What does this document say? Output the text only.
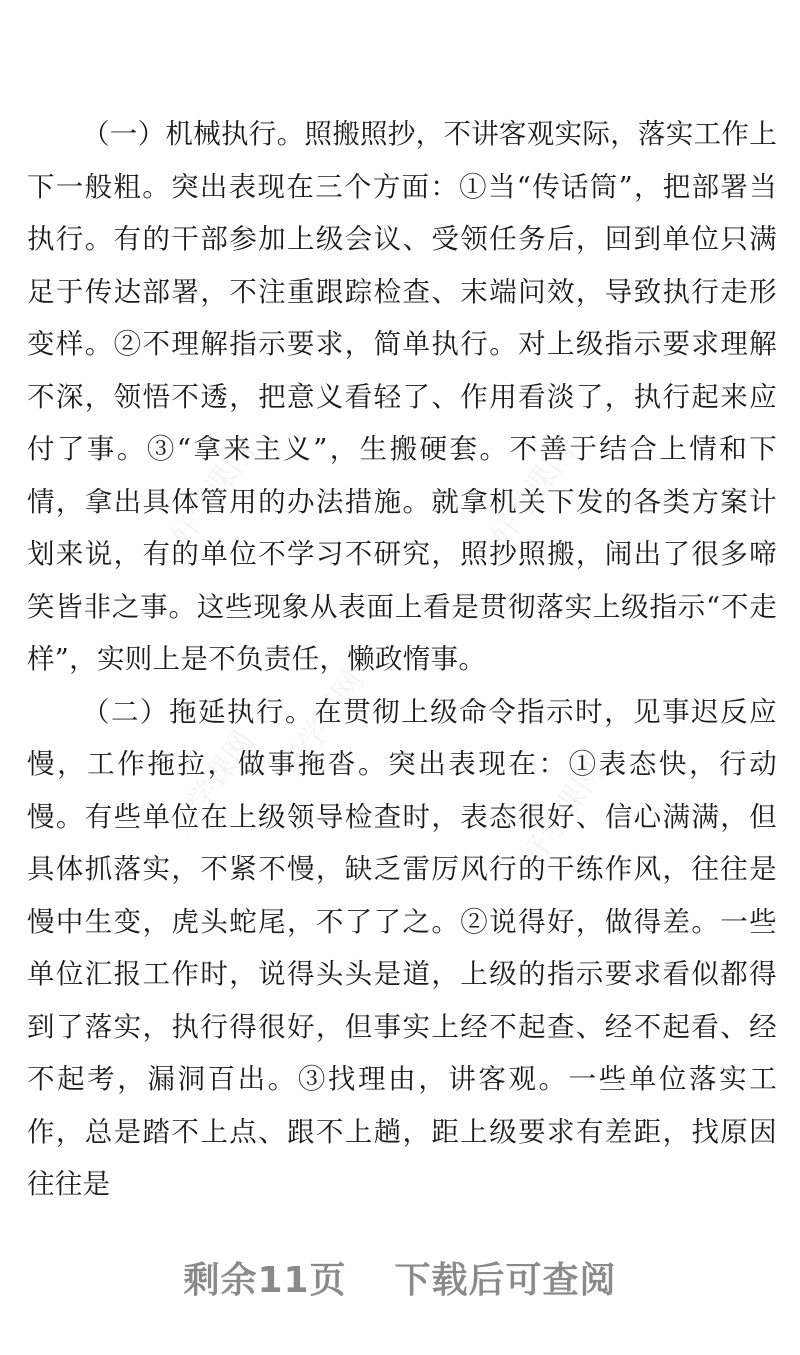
（一）机械执行。照搬照抄，不讲客观实际，落实工作上下一般粗。突出表现在三个方面：①当“传话筒”，把部署当执行。有的干部参加上级会议、受领任务后，回到单位只满足于传达部署，不注重跟踪检查、末端问效，导致执行走形变样。②不理解指示要求，简单执行。对上级指示要求理解不深，领悟不透，把意义看轻了、作用看淡了，执行起来应付了事。③“拿来主义”，生搬硬套。不善于结合上情和下情，拿出具体管用的办法措施。就拿机关下发的各类方案计划来说，有的单位不学习不研究，照抄照搬，闹出了很多啼笑皆非之事。这些现象从表面上看是贯彻落实上级指示“不走样”，实则上是不负责任，懒政惰事。

（二）拖延执行。在贯彻上级命令指示时，见事迟反应慢，工作拖拉，做事拖沓。突出表现在：①表态快，行动慢。有些单位在上级领导检查时，表态很好、信心满满，但具体抓落实，不紧不慢，缺乏雷厉风行的干练作风，往往是慢中生变，虎头蛇尾，不了了之。②说得好，做得差。一些单位汇报工作时，说得头头是道，上级的指示要求看似都得到了落实，执行得很好，但事实上经不起查、经不起看、经不起考，漏洞百出。③找理由，讲客观。一些单位落实工作，总是踏不上点、跟不上趟，距上级要求有差距，找原因往往是

好学课网	好学课网
好学课网
好学课网	好学课网
剩余11页 下载后可查阅
